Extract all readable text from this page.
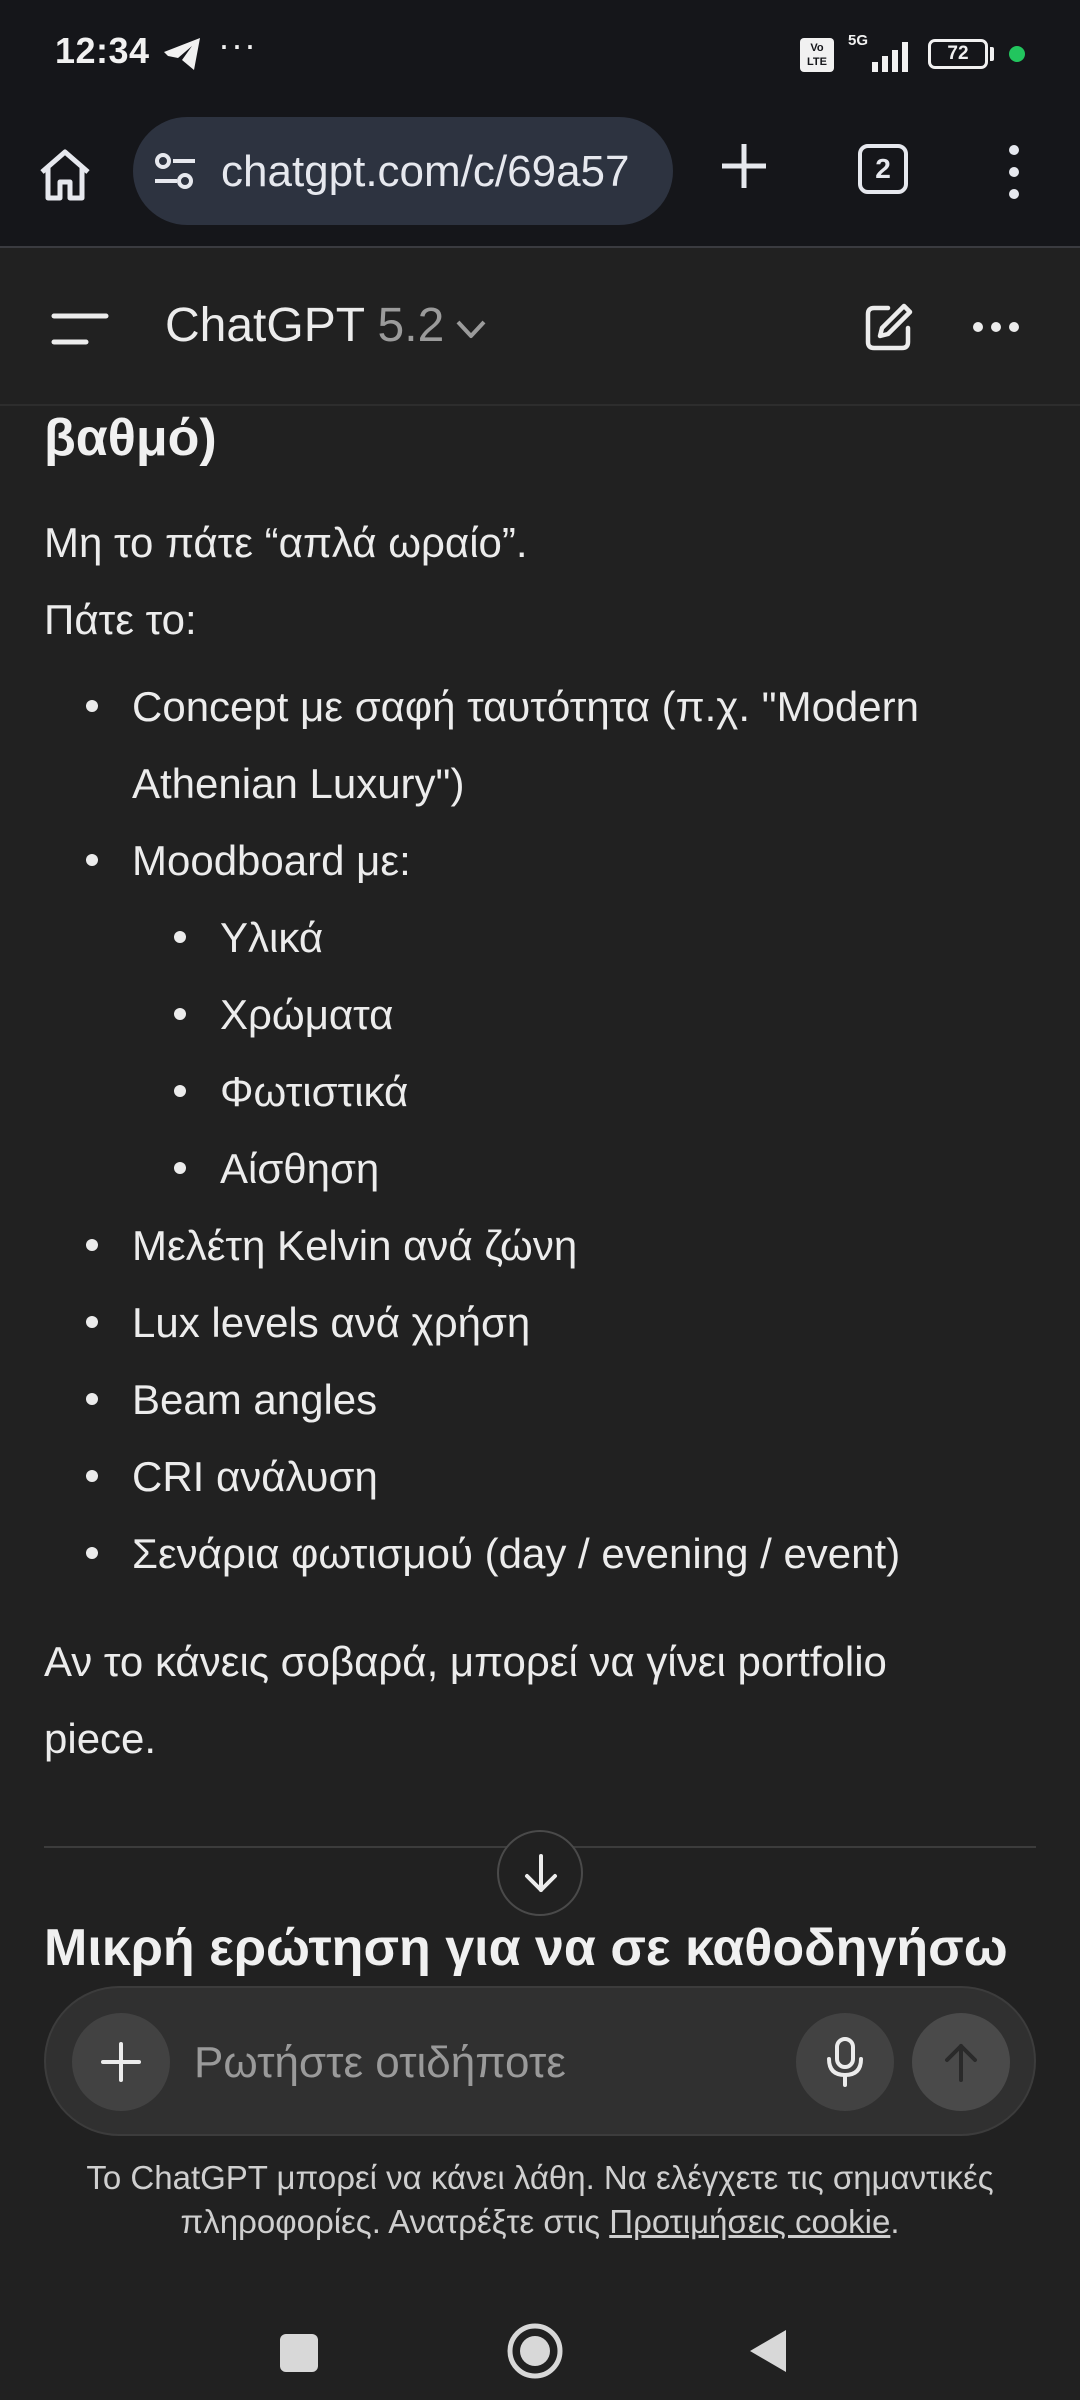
12:34 ···	Vo
LTE
5G
72
chatgpt.com/c/69a57	2
ChatGPT 5.2
βαθμό)
Μη το πάτε “απλά ωραίο”.
Πάτε το:
Concept με σαφή ταυτότητα (π.χ. "Modern
Athenian Luxury")
Moodboard με:
Υλικά
Χρώματα
Φωτιστικά
Αίσθηση
Μελέτη Kelvin ανά ζώνη
Lux levels ανά χρήση
Beam angles
CRI ανάλυση
Σενάρια φωτισμού (day / evening / event)
Αν το κάνεις σοβαρά, μπορεί να γίνει portfolio
piece.
Μικρή ερώτηση για να σε καθοδηγήσω
Ρωτήστε οτιδήποτε
Το ChatGPT μπορεί να κάνει λάθη. Να ελέγχετε τις σημαντικές
πληροφορίες. Ανατρέξτε στις Προτιμήσεις cookie.
